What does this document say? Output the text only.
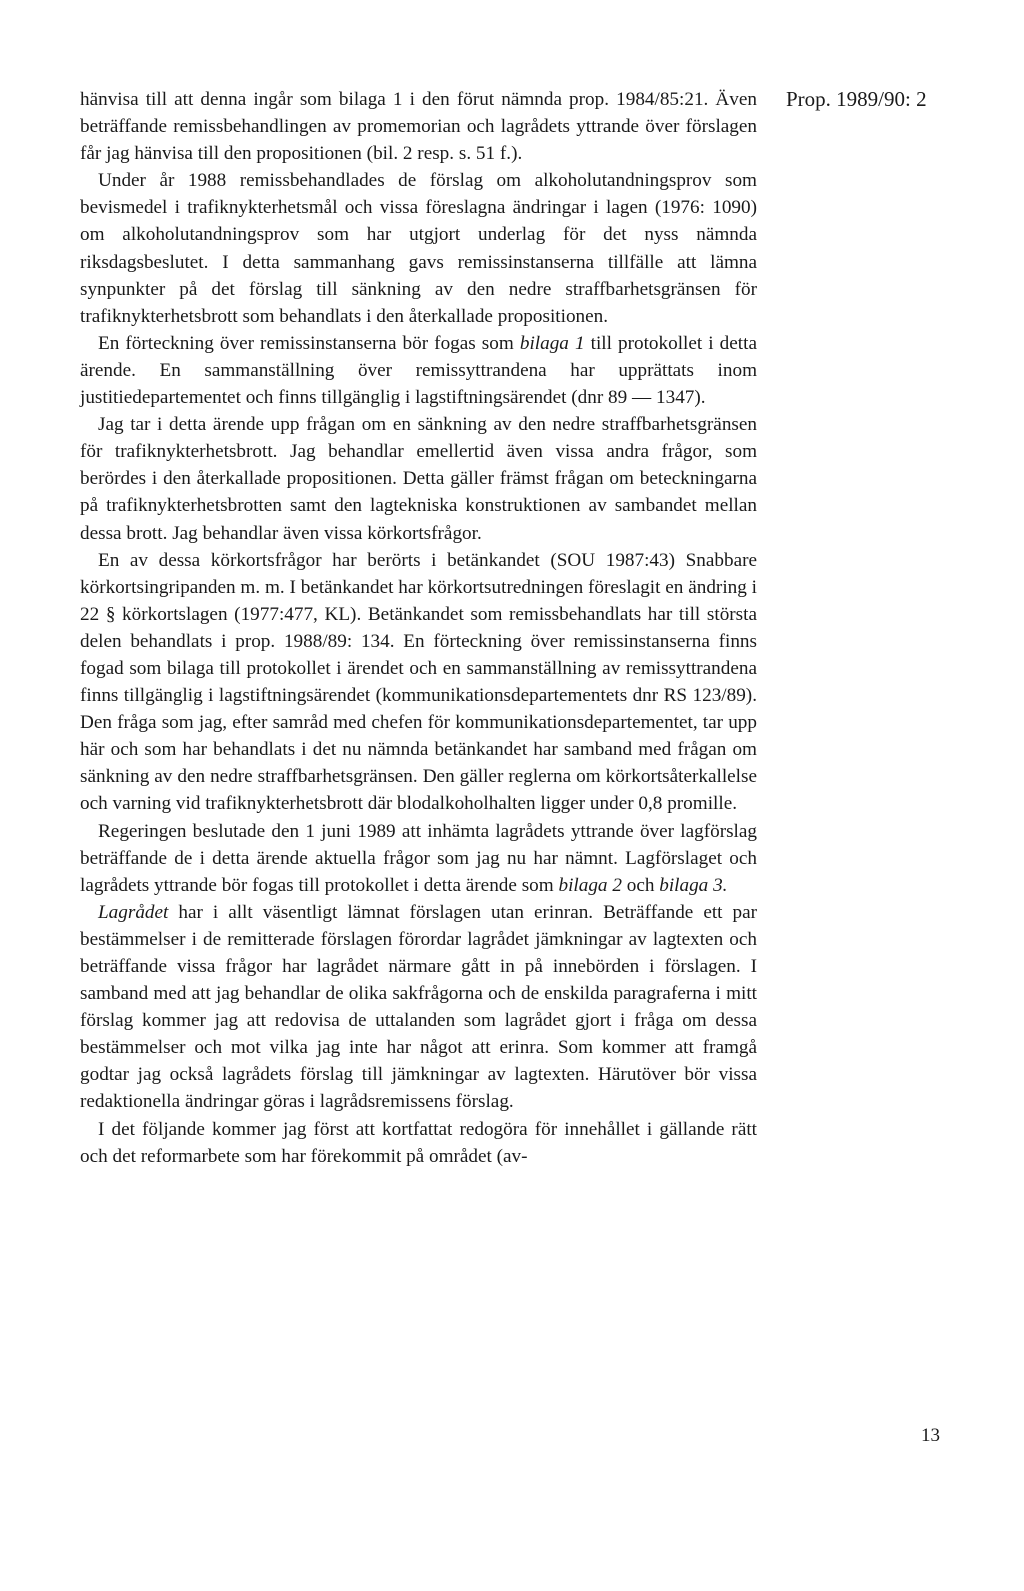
hänvisa till att denna ingår som bilaga 1 i den förut nämnda prop. 1984/85:21. Även beträffande remissbehandlingen av promemorian och lagrådets yttrande över förslagen får jag hänvisa till den propositionen (bil. 2 resp. s. 51 f.).

Under år 1988 remissbehandlades de förslag om alkoholutandningsprov som bevismedel i trafiknykterhetsmål och vissa föreslagna ändringar i lagen (1976: 1090) om alkoholutandningsprov som har utgjort underlag för det nyss nämnda riksdagsbeslutet. I detta sammanhang gavs remissinstanserna tillfälle att lämna synpunkter på det förslag till sänkning av den nedre straffbarhetsgränsen för trafiknykterhetsbrott som behandlats i den återkallade propositionen.

En förteckning över remissinstanserna bör fogas som bilaga 1 till protokollet i detta ärende. En sammanställning över remissyttrandena har upprättats inom justitiedepartementet och finns tillgänglig i lagstiftningsärendet (dnr 89 — 1347).

Jag tar i detta ärende upp frågan om en sänkning av den nedre straffbarhetsgränsen för trafiknykterhetsbrott. Jag behandlar emellertid även vissa andra frågor, som berördes i den återkallade propositionen. Detta gäller främst frågan om beteckningarna på trafiknykterhetsbrotten samt den lagtekniska konstruktionen av sambandet mellan dessa brott. Jag behandlar även vissa körkortsfrågor.

En av dessa körkortsfrågor har berörts i betänkandet (SOU 1987:43) Snabbare körkortsingripanden m. m. I betänkandet har körkortsutredningen föreslagit en ändring i 22 § körkortslagen (1977:477, KL). Betänkandet som remissbehandlats har till största delen behandlats i prop. 1988/89: 134. En förteckning över remissinstanserna finns fogad som bilaga till protokollet i ärendet och en sammanställning av remissyttrandena finns tillgänglig i lagstiftningsärendet (kommunikationsdepartementets dnr RS 123/89). Den fråga som jag, efter samråd med chefen för kommunikationsdepartementet, tar upp här och som har behandlats i det nu nämnda betänkandet har samband med frågan om sänkning av den nedre straffbarhetsgränsen. Den gäller reglerna om körkortsåterkallelse och varning vid trafiknykterhetsbrott där blodalkoholhalten ligger under 0,8 promille.

Regeringen beslutade den 1 juni 1989 att inhämta lagrådets yttrande över lagförslag beträffande de i detta ärende aktuella frågor som jag nu har nämnt. Lagförslaget och lagrådets yttrande bör fogas till protokollet i detta ärende som bilaga 2 och bilaga 3.

Lagrådet har i allt väsentligt lämnat förslagen utan erinran. Beträffande ett par bestämmelser i de remitterade förslagen förordar lagrådet jämkningar av lagtexten och beträffande vissa frågor har lagrådet närmare gått in på innebörden i förslagen. I samband med att jag behandlar de olika sakfrågorna och de enskilda paragraferna i mitt förslag kommer jag att redovisa de uttalanden som lagrådet gjort i fråga om dessa bestämmelser och mot vilka jag inte har något att erinra. Som kommer att framgå godtar jag också lagrådets förslag till jämkningar av lagtexten. Härutöver bör vissa redaktionella ändringar göras i lagrådsremissens förslag.

I det följande kommer jag först att kortfattat redogöra för innehållet i gällande rätt och det reformarbete som har förekommit på området (av-

Prop. 1989/90: 2
13
